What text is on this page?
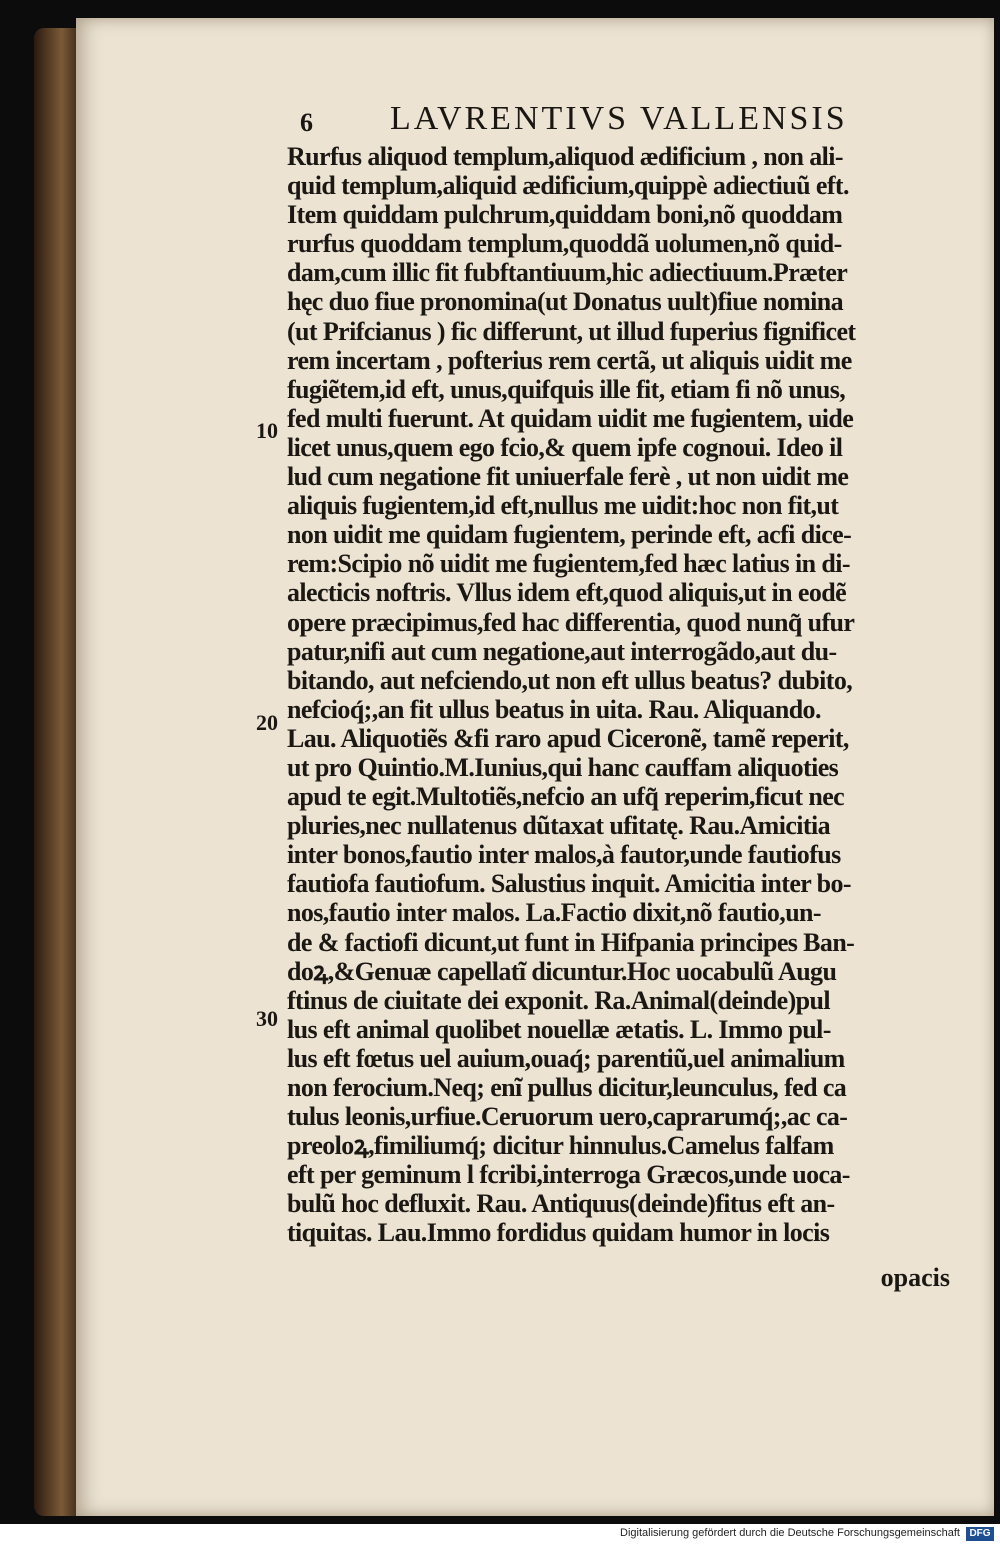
6 LAVRENTIVS VALLENSIS
10
20
30
Rurfus aliquod templum,aliquod ædificium , non ali-
quid templum,aliquid ædificium,quippè adiectiuũ eft.
Item quiddam pulchrum,quiddam boni,nõ quoddam
rurfus quoddam templum,quoddã uolumen,nõ quid-
dam,cum illic fit fubftantiuum,hic adiectiuum.Præter
hęc duo fiue pronomina(ut Donatus uult)fiue nomina
(ut Prifcianus ) fic differunt, ut illud fuperius fignificet
rem incertam , pofterius rem certã, ut aliquis uidit me
fugiẽtem,id eft, unus,quifquis ille fit, etiam fi nõ unus,
fed multi fuerunt. At quidam uidit me fugientem, uide
licet unus,quem ego fcio,& quem ipfe cognoui. Ideo il
lud cum negatione fit uniuerfale ferè , ut non uidit me
aliquis fugientem,id eft,nullus me uidit:hoc non fit,ut
non uidit me quidam fugientem, perinde eft, acfi dice-
rem:Scipio nõ uidit me fugientem,fed hæc latius in di-
alecticis noftris. Vllus idem eft,quod aliquis,ut in eodẽ
opere præcipimus,fed hac differentia, quod nunq̃ ufur
patur,nifi aut cum negatione,aut interrogãdo,aut du-
bitando, aut nefciendo,ut non eft ullus beatus? dubito,
nefcioq́;,an fit ullus beatus in uita. Rau. Aliquando.
Lau. Aliquotiẽs &fi raro apud Ciceronẽ, tamẽ reperit,
ut pro Quintio.M.Iunius,qui hanc cauffam aliquoties
apud te egit.Multotiẽs,nefcio an ufq̃ reperim,ficut nec
pluries,nec nullatenus dũtaxat ufitatę. Rau.Amicitia
inter bonos,fautio inter malos,à fautor,unde fautiofus
fautiofa fautiofum. Salustius inquit. Amicitia inter bo-
nos,fautio inter malos. La.Factio dixit,nõ fautio,un-
de & factiofi dicunt,ut funt in Hifpania principes Ban-
doꝝ,&Genuæ capellatĩ dicuntur.Hoc uocabulũ Augu
ftinus de ciuitate dei exponit. Ra.Animal(deinde)pul
lus eft animal quolibet nouellæ ætatis. L. Immo pul-
lus eft fœtus uel auium,ouaq́; parentiũ,uel animalium
non ferocium.Neq; enĩ pullus dicitur,leunculus, fed ca
tulus leonis,urfiue.Ceruorum uero,caprarumq́;,ac ca-
preoloꝝ,fimiliumq́; dicitur hinnulus.Camelus falfam
eft per geminum l fcribi,interroga Græcos,unde uoca-
bulũ hoc defluxit. Rau. Antiquus(deinde)fitus eft an-
tiquitas. Lau.Immo fordidus quidam humor in locis
opacis
Digitalisierung gefördert durch die Deutsche Forschungsgemeinschaft DFG
